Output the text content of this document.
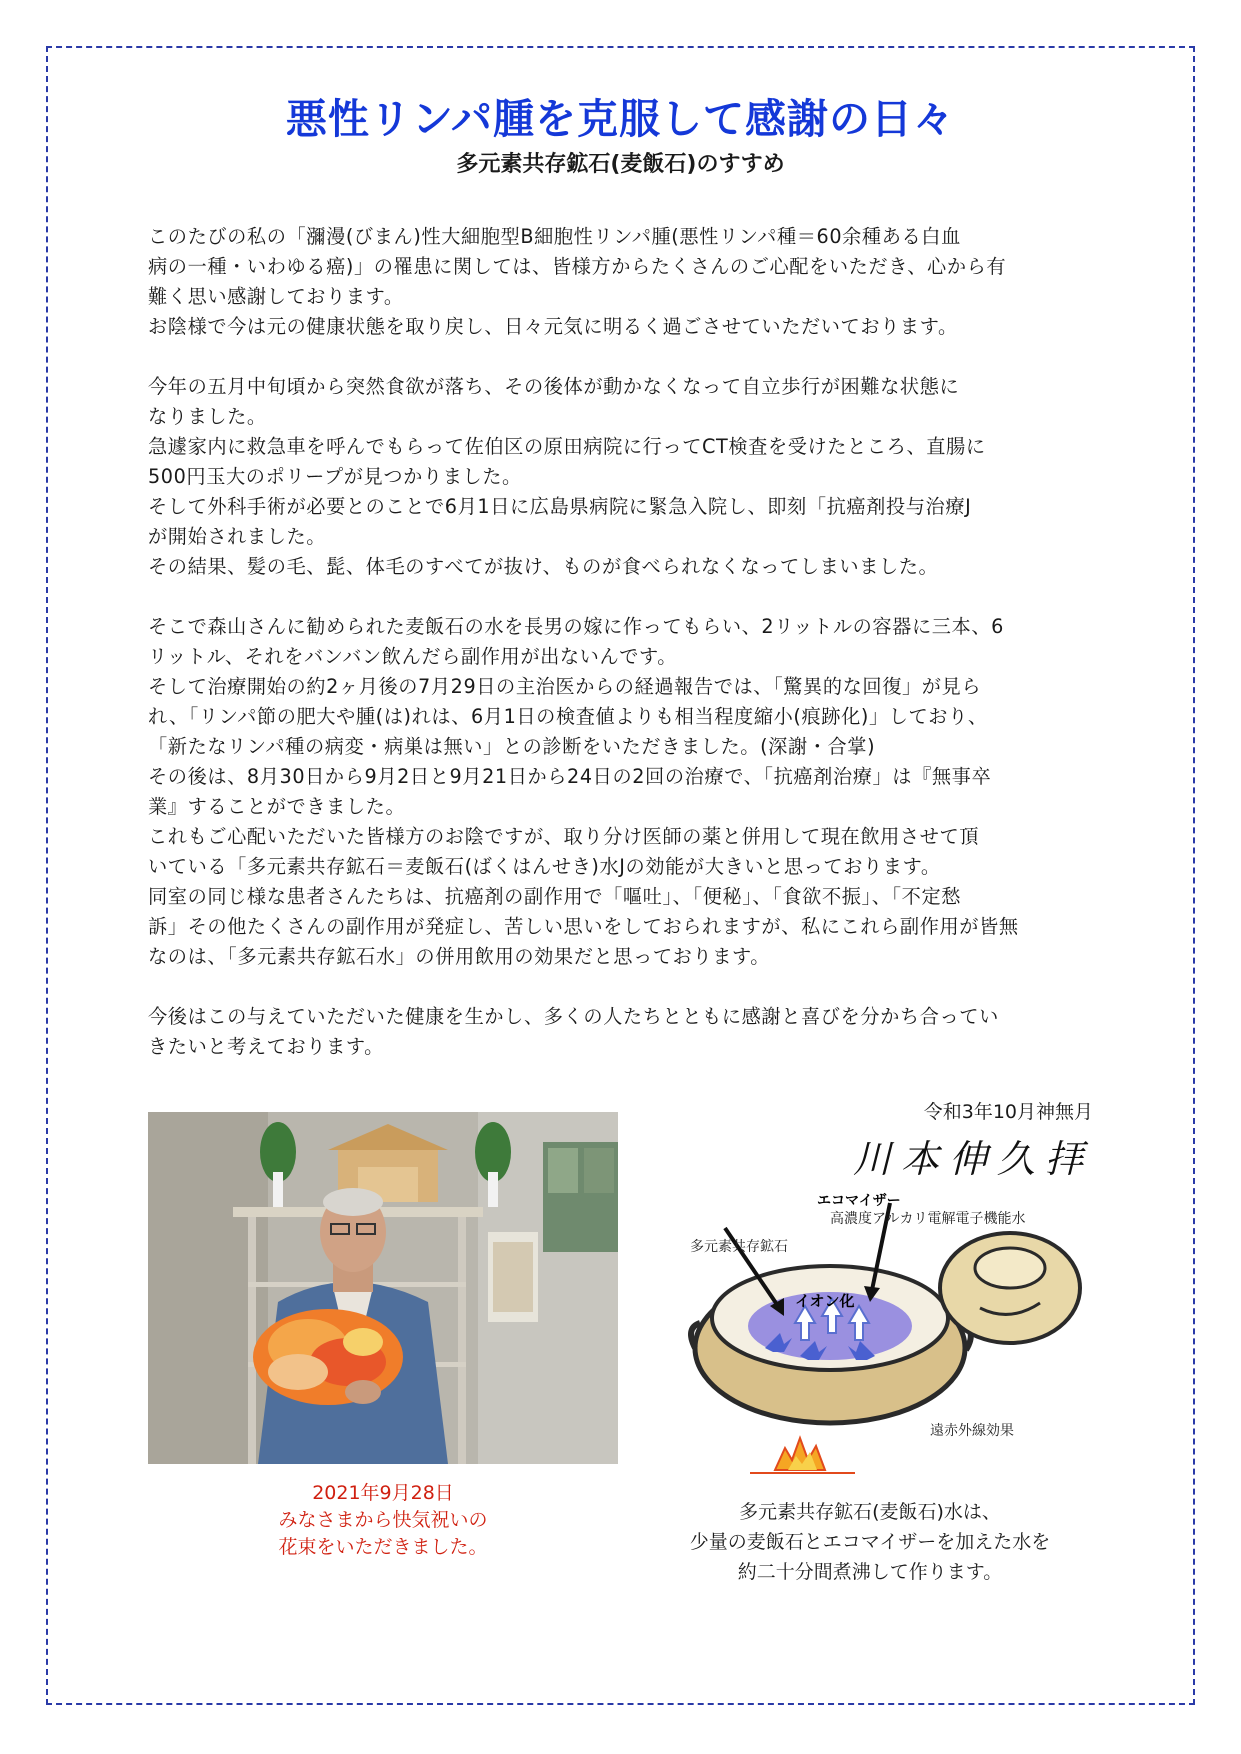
悪性リンパ腫を克服して感謝の日々
多元素共存鉱石(麦飯石)のすすめ

このたびの私の「瀰漫(びまん)性大細胞型B細胞性リンパ腫(悪性リンパ種＝60余種ある白血

病の一種・いわゆる癌)」の罹患に関しては、皆様方からたくさんのご心配をいただき、心から有

難く思い感謝しております。

お陰様で今は元の健康状態を取り戻し、日々元気に明るく過ごさせていただいております。

今年の五月中旬頃から突然食欲が落ち、その後体が動かなくなって自立歩行が困難な状態に

なりました。

急遽家内に救急車を呼んでもらって佐伯区の原田病院に行ってCT検査を受けたところ、直腸に

500円玉大のポリープが見つかりました。

そして外科手術が必要とのことで6月1日に広島県病院に緊急入院し、即刻「抗癌剤投与治療J

が開始されました。

その結果、髪の毛、髭、体毛のすべてが抜け、ものが食べられなくなってしまいました。

そこで森山さんに勧められた麦飯石の水を長男の嫁に作ってもらい、2リットルの容器に三本、6

リットル、それをバンバン飲んだら副作用が出ないんです。

そして治療開始の約2ヶ月後の7月29日の主治医からの経過報告では、「驚異的な回復」が見ら

れ、「リンパ節の肥大や腫(は)れは、6月1日の検査値よりも相当程度縮小(痕跡化)」しており、

「新たなリンパ種の病変・病巣は無い」との診断をいただきました。(深謝・合掌)

その後は、8月30日から9月2日と9月21日から24日の2回の治療で、「抗癌剤治療」は『無事卒

業』することができました。

これもご心配いただいた皆様方のお陰ですが、取り分け医師の薬と併用して現在飲用させて頂

いている「多元素共存鉱石＝麦飯石(ばくはんせき)水Jの効能が大きいと思っております。

同室の同じ様な患者さんたちは、抗癌剤の副作用で「嘔吐」、「便秘」、「食欲不振」、「不定愁

訴」その他たくさんの副作用が発症し、苦しい思いをしておられますが、私にこれら副作用が皆無

なのは、「多元素共存鉱石水」の併用飲用の効果だと思っております。

今後はこの与えていただいた健康を生かし、多くの人たちとともに感謝と喜びを分かち合ってい

きたいと考えております。

令和3年10月神無月
川本伸久拝
2021年9月28日
みなさまから快気祝いの
花束をいただきました。
エコマイザー
高濃度アルカリ電解電子機能水
多元素共存鉱石
イオン化
遠赤外線効果
多元素共存鉱石(麦飯石)水は、
少量の麦飯石とエコマイザーを加えた水を
約二十分間煮沸して作ります。
